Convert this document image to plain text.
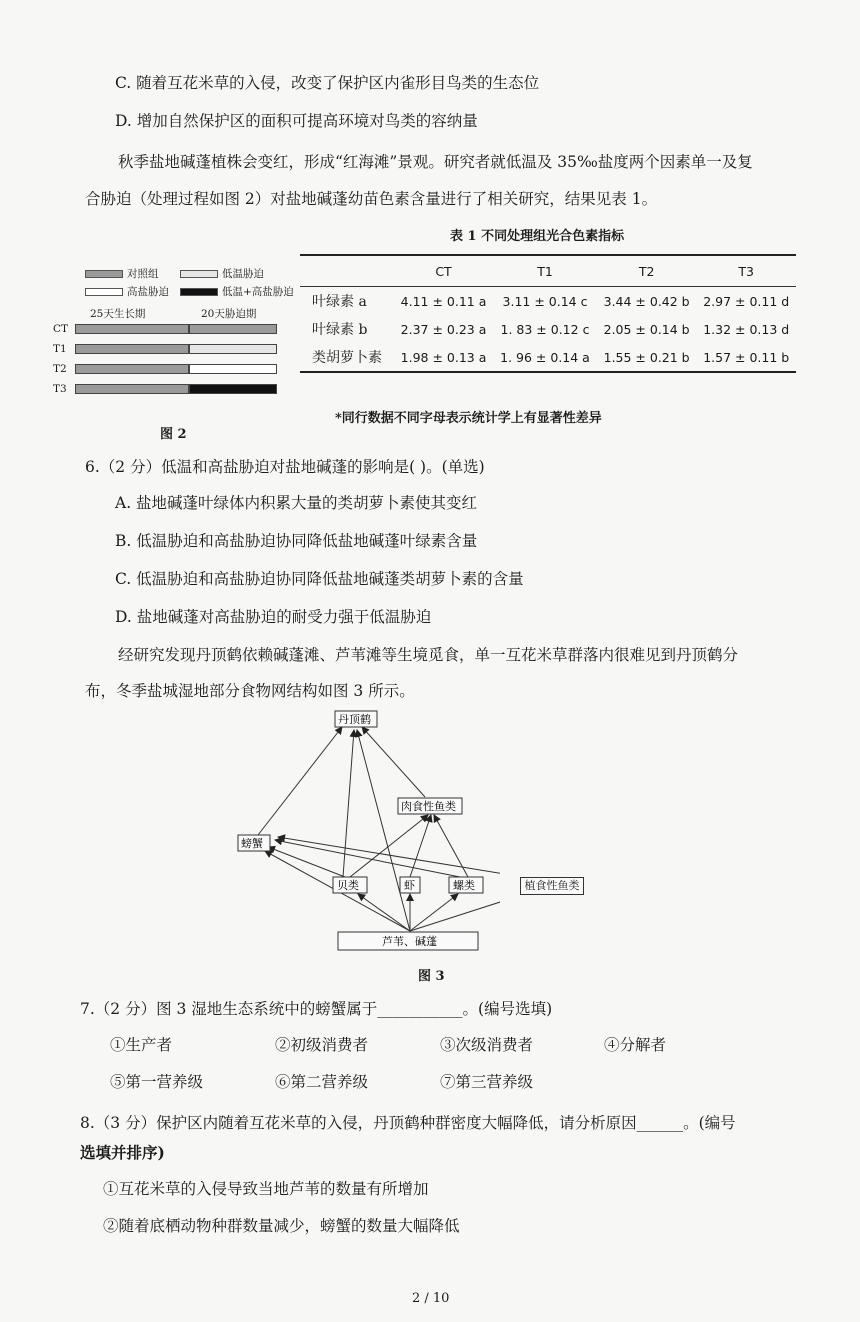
C. 随着互花米草的入侵，改变了保护区内雀形目鸟类的生态位
D. 增加自然保护区的面积可提高环境对鸟类的容纳量
秋季盐地碱蓬植株会变红，形成“红海滩”景观。研究者就低温及 35‰盐度两个因素单一及复
合胁迫（处理过程如图 2）对盐地碱蓬幼苗色素含量进行了相关研究，结果见表 1。
表 1 不同处理组光合色素指标
对照组	低温胁迫
高盐胁迫	低温+高盐胁迫
25天生长期	20天胁迫期
CT
T1
T2
T3
图 2
	CT	T1	T2	T3
叶绿素 a	4.11 ± 0.11 a	3.11 ± 0.14 c	3.44 ± 0.42 b	2.97 ± 0.11 d
叶绿素 b	2.37 ± 0.23 a	1. 83 ± 0.12 c	2.05 ± 0.14 b	1.32 ± 0.13 d
类胡萝卜素	1.98 ± 0.13 a	1. 96 ± 0.14 a	1.55 ± 0.21 b	1.57 ± 0.11 b
*同行数据不同字母表示统计学上有显著性差异
6.（2 分）低温和高盐胁迫对盐地碱蓬的影响是( )。(单选)
A. 盐地碱蓬叶绿体内积累大量的类胡萝卜素使其变红
B. 低温胁迫和高盐胁迫协同降低盐地碱蓬叶绿素含量
C. 低温胁迫和高盐胁迫协同降低盐地碱蓬类胡萝卜素的含量
D. 盐地碱蓬对高盐胁迫的耐受力强于低温胁迫
经研究发现丹顶鹤依赖碱蓬滩、芦苇滩等生境觅食，单一互花米草群落内很难见到丹顶鹤分
布，冬季盐城湿地部分食物网结构如图 3 所示。
丹顶鹤
肉食性鱼类
螃蟹
贝类	虾	螺类
芦苇、碱蓬
植食性鱼类
图 3
7.（2 分）图 3 湿地生态系统中的螃蟹属于___________。(编号选填)
①生产者	②初级消费者	③次级消费者	④分解者
⑤第一营养级	⑥第二营养级	⑦第三营养级
8.（3 分）保护区内随着互花米草的入侵，丹顶鹤种群密度大幅降低，请分析原因______。(编号
选填并排序)
①互花米草的入侵导致当地芦苇的数量有所增加
②随着底栖动物种群数量减少，螃蟹的数量大幅降低
2 / 10
